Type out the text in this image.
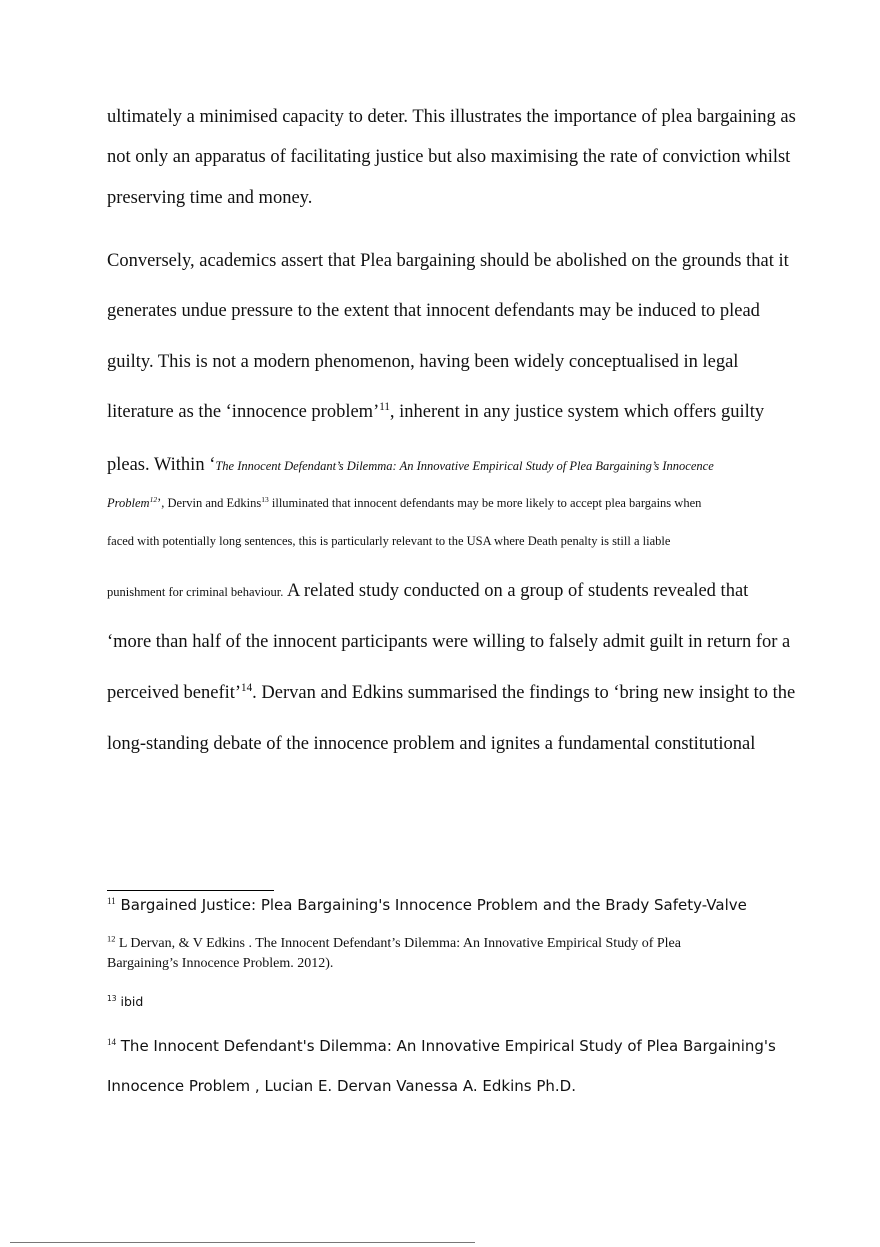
ultimately a minimised capacity to deter. This illustrates the importance of plea bargaining as
not only an apparatus of facilitating justice but also maximising the rate of conviction whilst
preserving time and money.
Conversely, academics assert that Plea bargaining should be abolished on the grounds that it
generates undue pressure to the extent that innocent defendants may be induced to plead
guilty. This is not a modern phenomenon, having been widely conceptualised in legal
literature as the ‘innocence problem’$^{11}$, inherent in any justice system which offers guilty
pleas. Within ‘The Innocent Defendant’s Dilemma: An Innovative Empirical Study of Plea Bargaining’s Innocence
Problem$^{12}$’, Dervin and Edkins$^{13}$ illuminated that innocent defendants may be more likely to accept plea bargains when
faced with potentially long sentences, this is particularly relevant to the USA where Death penalty is still a liable
punishment for criminal behaviour. A related study conducted on a group of students revealed that
‘more than half of the innocent participants were willing to falsely admit guilt in return for a
perceived benefit’$^{14}$. Dervan and Edkins summarised the findings to ‘bring new insight to the
long-standing debate of the innocence problem and ignites a fundamental constitutional
$^{11}$ Bargained Justice: Plea Bargaining's Innocence Problem and the Brady Safety-Valve
$^{12}$ L Dervan, & V Edkins . The Innocent Defendant’s Dilemma: An Innovative Empirical Study of Plea
Bargaining’s Innocence Problem. 2012).
$^{13}$ ibid
$^{14}$ The Innocent Defendant's Dilemma: An Innovative Empirical Study of Plea Bargaining's
Innocence Problem , Lucian E. Dervan Vanessa A. Edkins Ph.D.
